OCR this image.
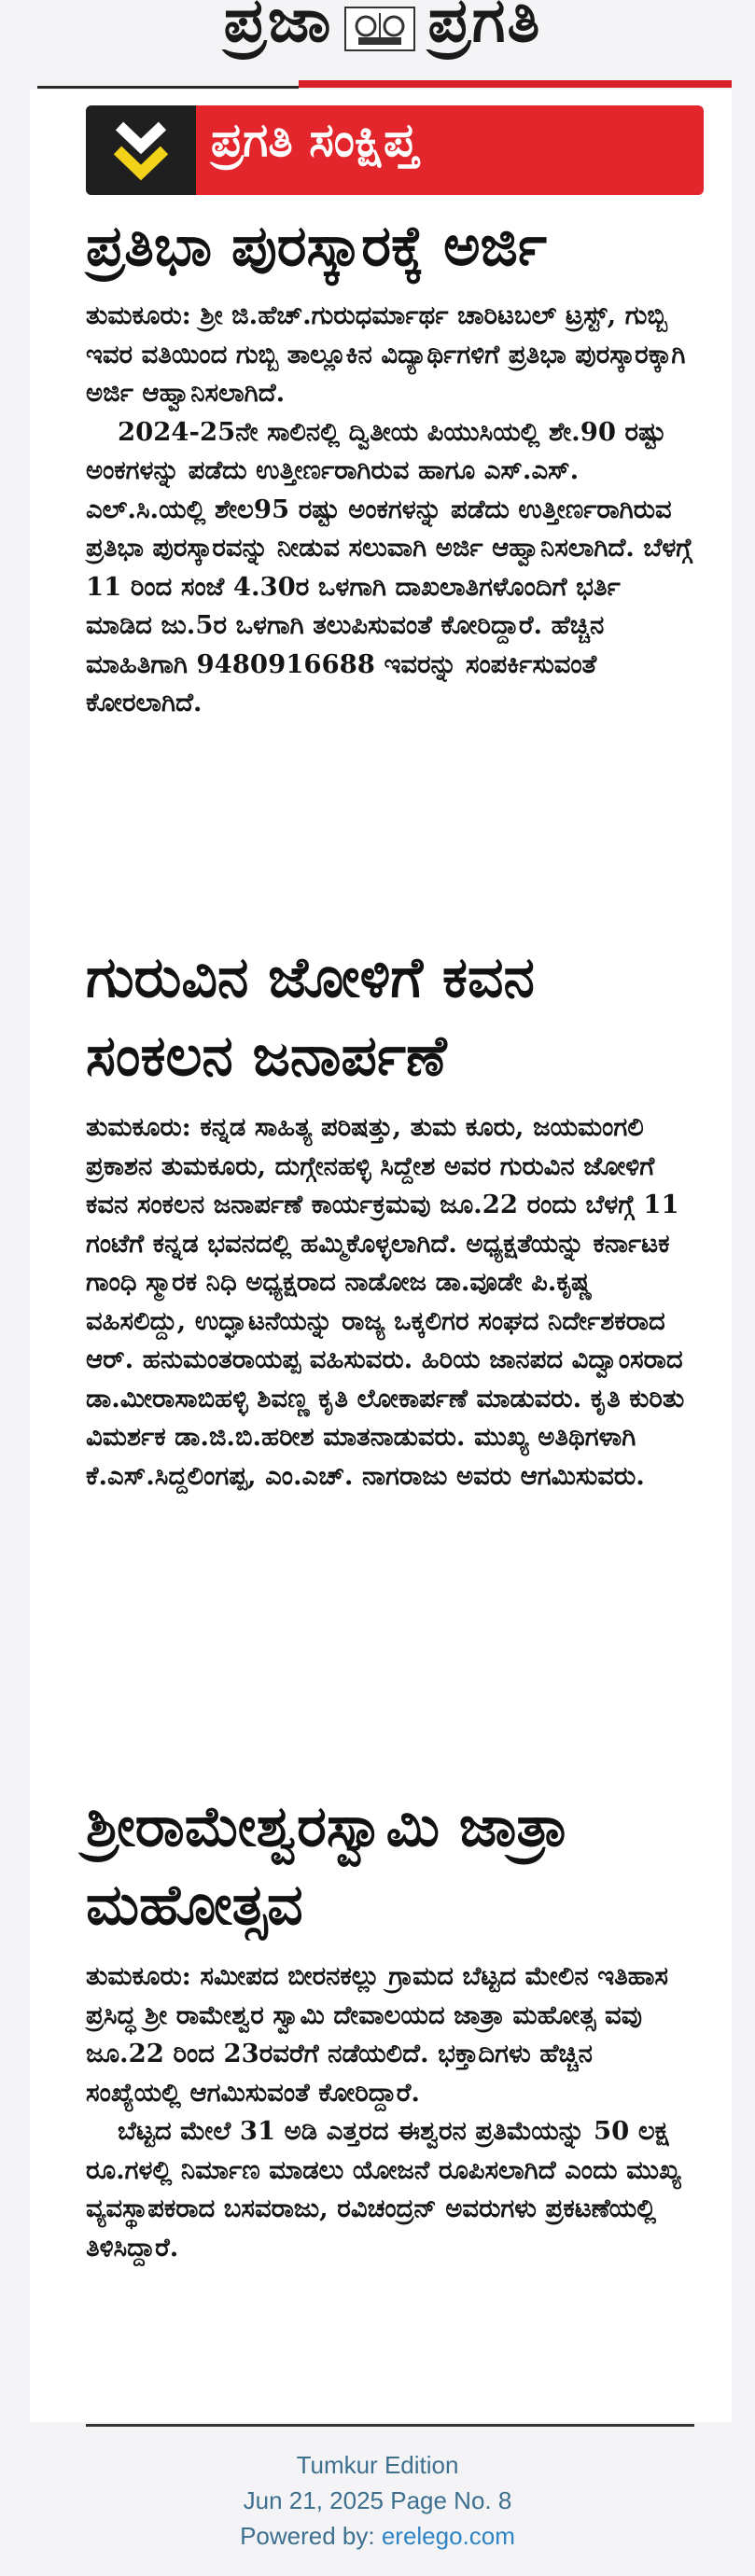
ಪ್ರಜಾ ಪ್ರಗತಿ
ಪ್ರಗತಿ ಸಂಕ್ಷಿಪ್ತ
ಪ್ರತಿಭಾ ಪುರಸ್ಕಾರಕ್ಕೆ ಅರ್ಜಿ

ತುಮಕೂರು: ಶ್ರೀ ಜಿ.ಹೆಚ್.ಗುರುಧರ್ಮಾರ್ಥ ಚಾರಿಟಬಲ್ ಟ್ರಸ್ಟ್, ಗುಬ್ಬಿ ಇವರ ವತಿಯಿಂದ ಗುಬ್ಬಿ ತಾಲ್ಲೂಕಿನ ವಿದ್ಯಾರ್ಥಿಗಳಿಗೆ ಪ್ರತಿಭಾ ಪುರಸ್ಕಾರಕ್ಕಾಗಿ ಅರ್ಜಿ ಆಹ್ವಾನಿಸಲಾಗಿದೆ.

2024-25ನೇ ಸಾಲಿನಲ್ಲಿ ದ್ವಿತೀಯ ಪಿಯುಸಿಯಲ್ಲಿ ಶೇ.90 ರಷ್ಟು ಅಂಕಗಳನ್ನು ಪಡೆದು ಉತ್ತೀರ್ಣರಾಗಿರುವ ಹಾಗೂ ಎಸ್.ಎಸ್. ಎಲ್.ಸಿ.ಯಲ್ಲಿ ಶೇಲ95 ರಷ್ಟು ಅಂಕಗಳನ್ನು ಪಡೆದು ಉತ್ತೀರ್ಣರಾಗಿರುವ ಪ್ರತಿಭಾ ಪುರಸ್ಕಾರವನ್ನು ನೀಡುವ ಸಲುವಾಗಿ ಅರ್ಜಿ ಆಹ್ವಾನಿಸಲಾಗಿದೆ. ಬೆಳಗ್ಗೆ 11 ರಿಂದ ಸಂಜೆ 4.30ರ ಒಳಗಾಗಿ ದಾಖಲಾತಿಗಳೊಂದಿಗೆ ಭರ್ತಿ ಮಾಡಿದ ಜು.5ರ ಒಳಗಾಗಿ ತಲುಪಿಸುವಂತೆ ಕೋರಿದ್ದಾರೆ. ಹೆಚ್ಚಿನ ಮಾಹಿತಿಗಾಗಿ 9480916688 ಇವರನ್ನು ಸಂಪರ್ಕಿಸುವಂತೆ ಕೋರಲಾಗಿದೆ.

ಗುರುವಿನ ಜೋಳಿಗೆ ಕವನ ಸಂಕಲನ ಜನಾರ್ಪಣೆ

ತುಮಕೂರು: ಕನ್ನಡ ಸಾಹಿತ್ಯ ಪರಿಷತ್ತು, ತುಮ ಕೂರು, ಜಯಮಂಗಲಿ ಪ್ರಕಾಶನ ತುಮಕೂರು, ದುಗ್ಗೇನಹಳ್ಳಿ ಸಿದ್ದೇಶ ಅವರ ಗುರುವಿನ ಜೋಳಿಗೆ ಕವನ ಸಂಕಲನ ಜನಾರ್ಪಣೆ ಕಾರ್ಯಕ್ರಮವು ಜೂ.22 ರಂದು ಬೆಳಗ್ಗೆ 11 ಗಂಟೆಗೆ ಕನ್ನಡ ಭವನದಲ್ಲಿ ಹಮ್ಮಿಕೊಳ್ಳಲಾಗಿದೆ. ಅಧ್ಯಕ್ಷತೆಯನ್ನು ಕರ್ನಾಟಕ ಗಾಂಧಿ ಸ್ಮಾರಕ ನಿಧಿ ಅಧ್ಯಕ್ಷರಾದ ನಾಡೋಜ ಡಾ.ವೂಡೇ ಪಿ.ಕೃಷ್ಣ ವಹಿಸಲಿದ್ದು, ಉದ್ಘಾಟನೆಯನ್ನು ರಾಜ್ಯ ಒಕ್ಕಲಿಗರ ಸಂಘದ ನಿರ್ದೇಶಕರಾದ ಆರ್. ಹನುಮಂತರಾಯಪ್ಪ ವಹಿಸುವರು. ಹಿರಿಯ ಜಾನಪದ ವಿದ್ವಾಂಸರಾದ ಡಾ.ಮೀರಾಸಾಬಿಹಳ್ಳಿ ಶಿವಣ್ಣ ಕೃತಿ ಲೋಕಾರ್ಪಣೆ ಮಾಡುವರು. ಕೃತಿ ಕುರಿತು ವಿಮರ್ಶಕ ಡಾ.ಜಿ.ಬಿ.ಹರೀಶ ಮಾತನಾಡುವರು. ಮುಖ್ಯ ಅತಿಥಿಗಳಾಗಿ ಕೆ.ಎಸ್.ಸಿದ್ದಲಿಂಗಪ್ಪ, ಎಂ.ಎಚ್. ನಾಗರಾಜು ಅವರು ಆಗಮಿಸುವರು.

ಶ್ರೀರಾಮೇಶ್ವರಸ್ವಾಮಿ ಜಾತ್ರಾ ಮಹೋತ್ಸವ

ತುಮಕೂರು: ಸಮೀಪದ ಬೀರನಕಲ್ಲು ಗ್ರಾಮದ ಬೆಟ್ಟದ ಮೇಲಿನ ಇತಿಹಾಸ ಪ್ರಸಿದ್ಧ ಶ್ರೀ ರಾಮೇಶ್ವರ ಸ್ವಾಮಿ ದೇವಾಲಯದ ಜಾತ್ರಾ ಮಹೋತ್ಸ ವವು ಜೂ.22 ರಿಂದ 23ರವರೆಗೆ ನಡೆಯಲಿದೆ. ಭಕ್ತಾದಿಗಳು ಹೆಚ್ಚಿನ ಸಂಖ್ಯೆಯಲ್ಲಿ ಆಗಮಿಸುವಂತೆ ಕೋರಿದ್ದಾರೆ.

ಬೆಟ್ಟದ ಮೇಲೆ 31 ಅಡಿ ಎತ್ತರದ ಈಶ್ವರನ ಪ್ರತಿಮೆಯನ್ನು 50 ಲಕ್ಷ ರೂ.ಗಳಲ್ಲಿ ನಿರ್ಮಾಣ ಮಾಡಲು ಯೋಜನೆ ರೂಪಿಸಲಾಗಿದೆ ಎಂದು ಮುಖ್ಯ ವ್ಯವಸ್ಥಾಪಕರಾದ ಬಸವರಾಜು, ರವಿಚಂದ್ರನ್ ಅವರುಗಳು ಪ್ರಕಟಣೆಯಲ್ಲಿ ತಿಳಿಸಿದ್ದಾರೆ.

Tumkur Edition
Jun 21, 2025 Page No. 8
Powered by: erelego.com
